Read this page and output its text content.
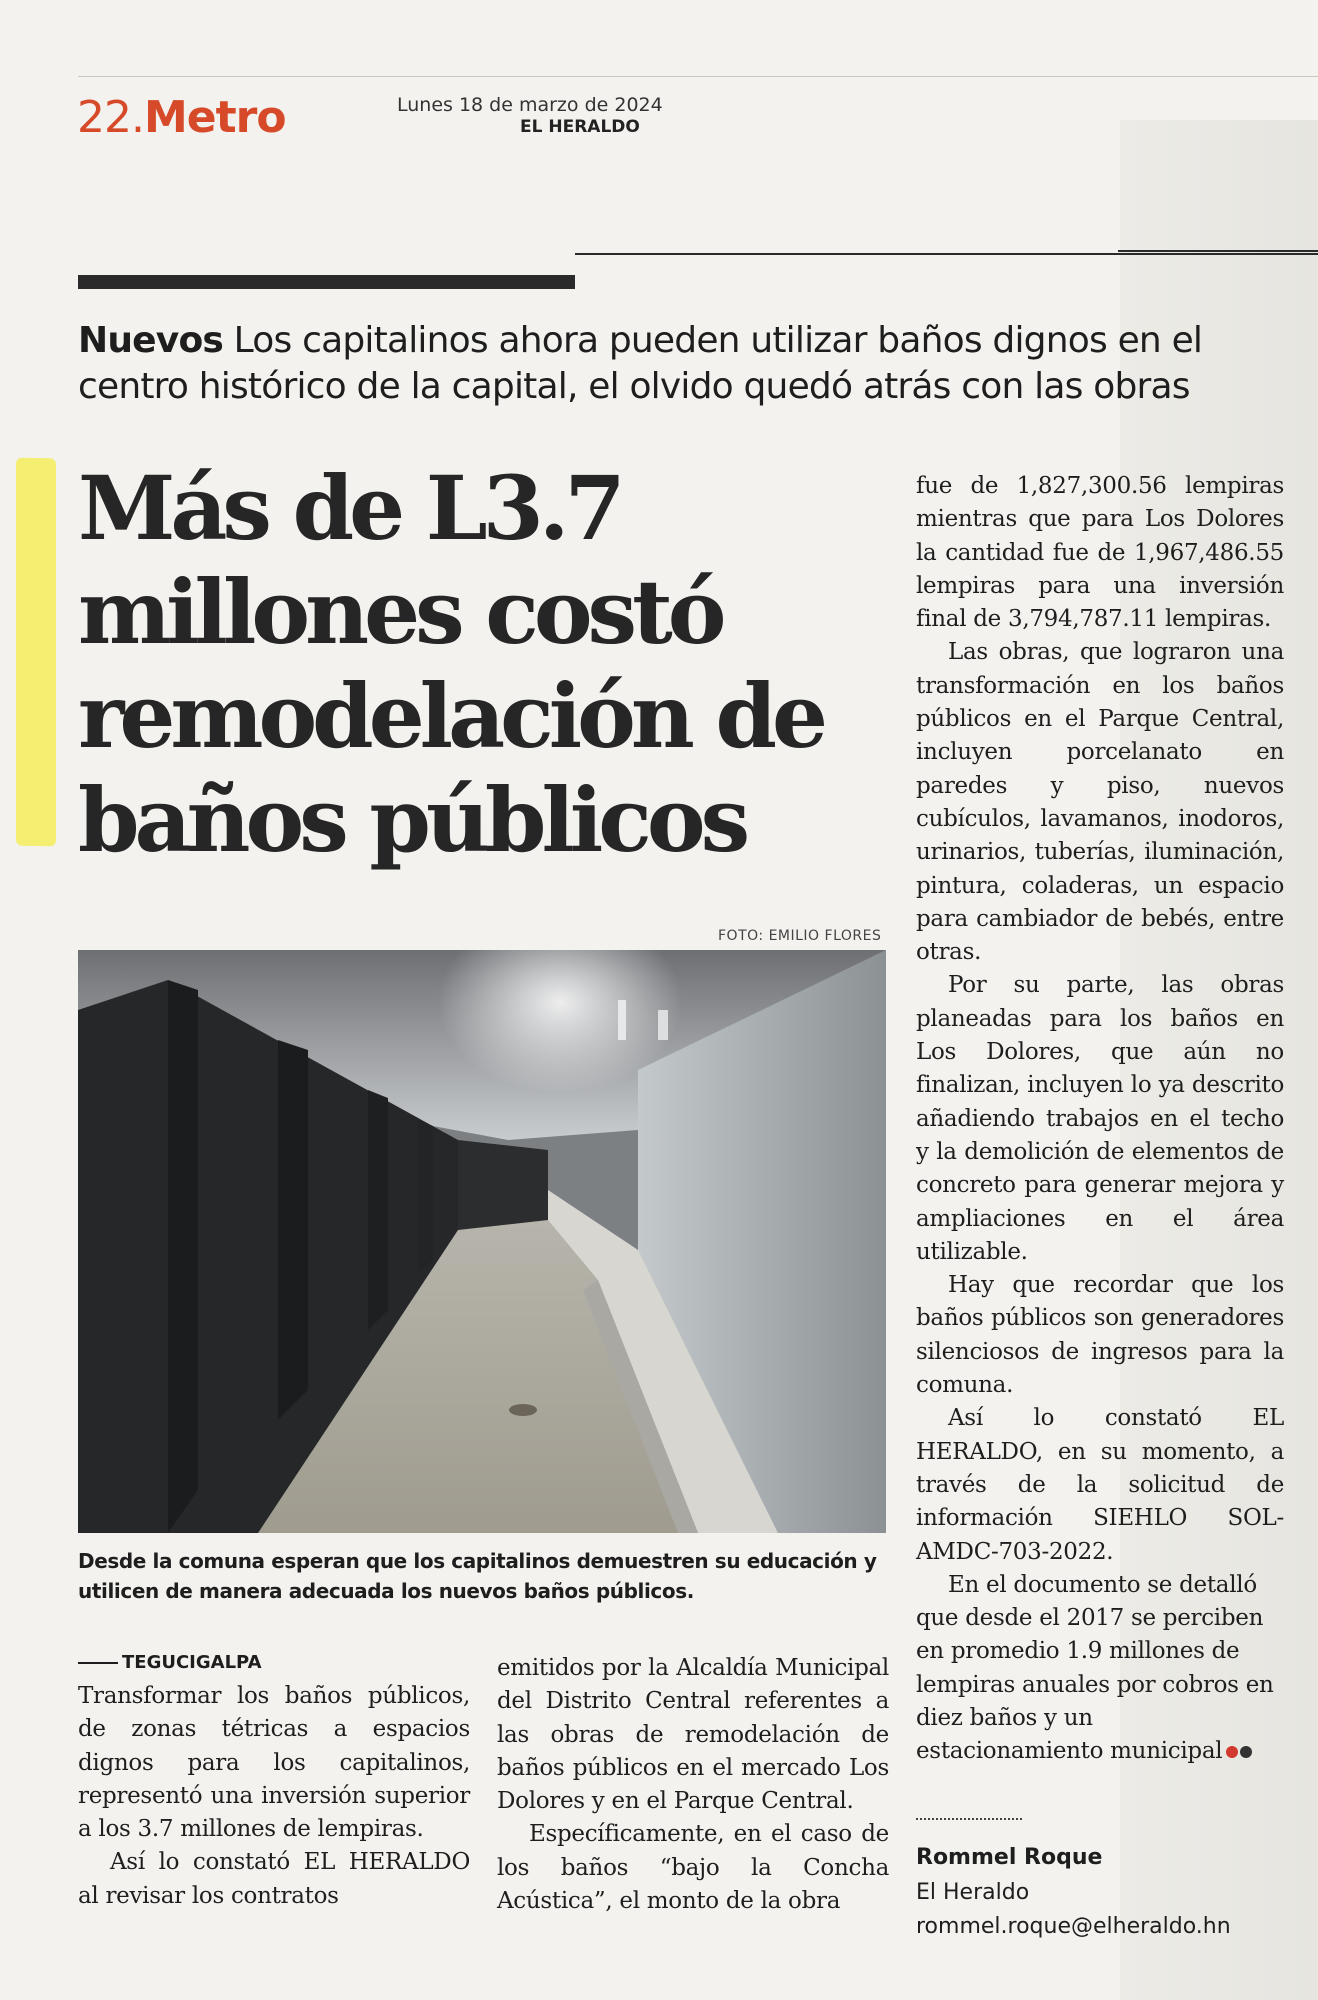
22.Metro	Lunes 18 de marzo de 2024
EL HERALDO
Nuevos Los capitalinos ahora pueden utilizar baños dignos en el centro histórico de la capital, el olvido quedó atrás con las obras
Más de L3.7
millones costó
remodelación de
baños públicos
FOTO: EMILIO FLORES
Desde la comuna esperan que los capitalinos demuestren su educación y utilicen de manera adecuada los nuevos baños públicos.
TEGUCIGALPA

Transformar los baños públicos, de zonas tétricas a espacios dignos para los capitalinos, representó una inversión superior a los 3.7 millones de lempiras.

Así lo constató EL HERALDO al revisar los contratos

emitidos por la Alcaldía Municipal del Distrito Central referentes a las obras de remodelación de baños públicos en el mercado Los Dolores y en el Parque Central.

Específicamente, en el caso de los baños “bajo la Concha Acústica”, el monto de la obra

fue de 1,827,300.56 lempiras mientras que para Los Dolores la cantidad fue de 1,967,486.55 lempiras para una inversión final de 3,794,787.11 lempiras.

Las obras, que lograron una transformación en los baños públicos en el Parque Central, incluyen porcelanato en paredes y piso, nuevos cubículos, lavamanos, inodoros, urinarios, tuberías, iluminación, pintura, coladeras, un espacio para cambiador de bebés, entre otras.

Por su parte, las obras planeadas para los baños en Los Dolores, que aún no finalizan, incluyen lo ya descrito añadiendo trabajos en el techo y la demolición de elementos de concreto para generar mejora y ampliaciones en el área utilizable.

Hay que recordar que los baños públicos son generadores silenciosos de ingresos para la comuna.

Así lo constató EL HERALDO, en su momento, a través de la solicitud de información SIEHLO SOL-AMDC-703-2022.

En el documento se detalló que desde el 2017 se perciben en promedio 1.9 millones de lempiras anuales por cobros en diez baños y un estacionamiento municipal

Rommel Roque
El Heraldo
rommel.roque@elheraldo.hn
